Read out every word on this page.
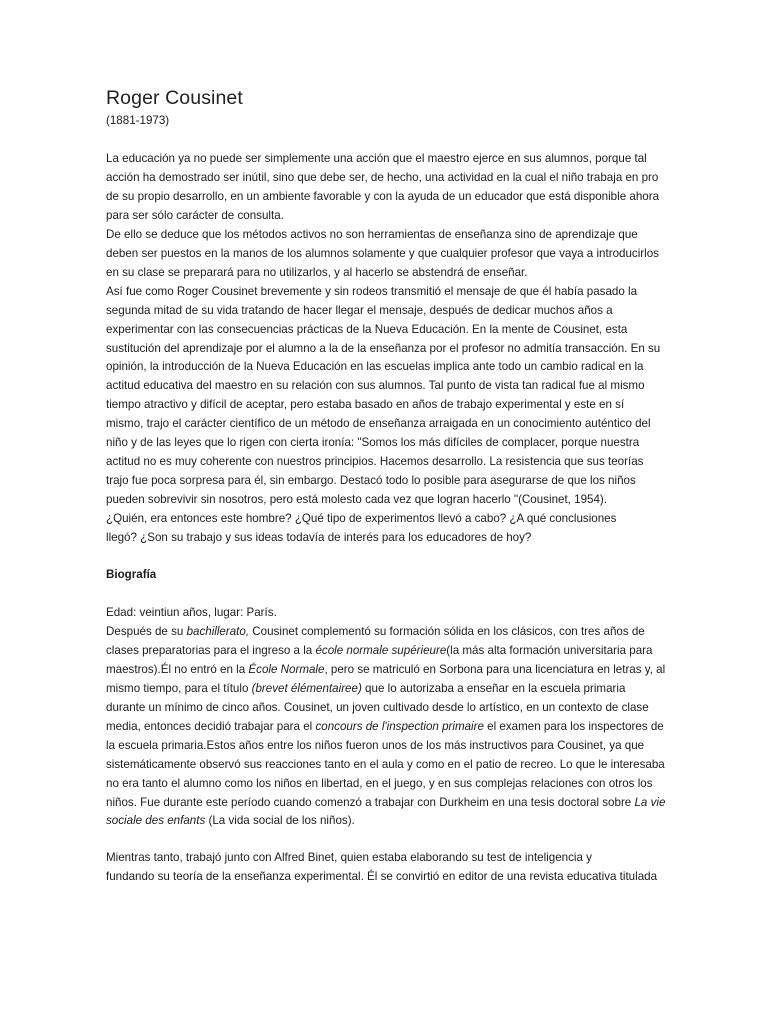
Roger Cousinet
(1881-1973)
La educación ya no puede ser simplemente una acción que el maestro ejerce en sus alumnos, porque tal
acción ha demostrado ser inútil, sino que debe ser, de hecho, una actividad en la cual el niño trabaja en pro
de su propio desarrollo, en un ambiente favorable y con la ayuda de un educador que está disponible ahora
para ser sólo carácter de consulta.
De ello se deduce que los métodos activos no son herramientas de enseñanza sino de aprendizaje que
deben ser puestos en la manos de los alumnos solamente y que cualquier profesor que vaya a introducirlos
en su clase se preparará para no utilizarlos, y al hacerlo se abstendrá de enseñar.
Así fue como Roger Cousinet brevemente y sin rodeos transmitió el mensaje de que él había pasado la
segunda mitad de su vida tratando de hacer llegar el mensaje, después de dedicar muchos años a
experimentar con las consecuencias prácticas de la Nueva Educación. En la mente de Cousinet, esta
sustitución del aprendizaje por el alumno a la de la enseñanza por el profesor no admitía transacción. En su
opinión, la introducción de la Nueva Educación en las escuelas implica ante todo un cambio radical en la
actitud educativa del maestro en su relación con sus alumnos. Tal punto de vista tan radical fue al mismo
tiempo atractivo y difícil de aceptar, pero estaba basado en años de trabajo experimental y este en sí
mismo, trajo el carácter científico de un método de enseñanza arraigada en un conocimiento auténtico del
niño y de las leyes que lo rigen con cierta ironía: "Somos los más difíciles de complacer, porque nuestra
actitud no es muy coherente con nuestros principios. Hacemos desarrollo. La resistencia que sus teorías
trajo fue poca sorpresa para él, sin embargo. Destacó todo lo posible para asegurarse de que los niños
pueden sobrevivir sin nosotros, pero está molesto cada vez que logran hacerlo "(Cousinet, 1954).
¿Quién, era entonces este hombre? ¿Qué tipo de experimentos llevó a cabo? ¿A qué conclusiones
llegó? ¿Son su trabajo y sus ideas todavía de interés para los educadores de hoy?
Biografía
Edad: veintiun años, lugar: París.
Después de su bachillerato, Cousinet complementó su formación sólida en los clásicos, con tres años de
clases preparatorias para el ingreso a la école normale supérieure(la más alta formación universitaria para
maestros).Él no entró en la École Normale, pero se matriculó en Sorbona para una licenciatura en letras y, al
mismo tiempo, para el título (brevet élémentairee) que lo autorizaba a enseñar en la escuela primaria
durante un mínimo de cinco años. Cousinet, un joven cultivado desde lo artístico, en un contexto de clase
media, entonces decidió trabajar para el concours de l'inspection primaire el examen para los inspectores de
la escuela primaria.Estos años entre los niños fueron unos de los más instructivos para Cousinet, ya que
sistemáticamente observó sus reacciones tanto en el aula y como en el patio de recreo. Lo que le interesaba
no era tanto el alumno como los niños en libertad, en el juego, y en sus complejas relaciones con otros los
niños. Fue durante este período cuando comenzó a trabajar con Durkheim en una tesis doctoral sobre La vie
sociale des enfants (La vida social de los niños).
Mientras tanto, trabajó junto con Alfred Binet, quien estaba elaborando su test de inteligencia y
fundando su teoría de la enseñanza experimental. Él se convirtió en editor de una revista educativa titulada
